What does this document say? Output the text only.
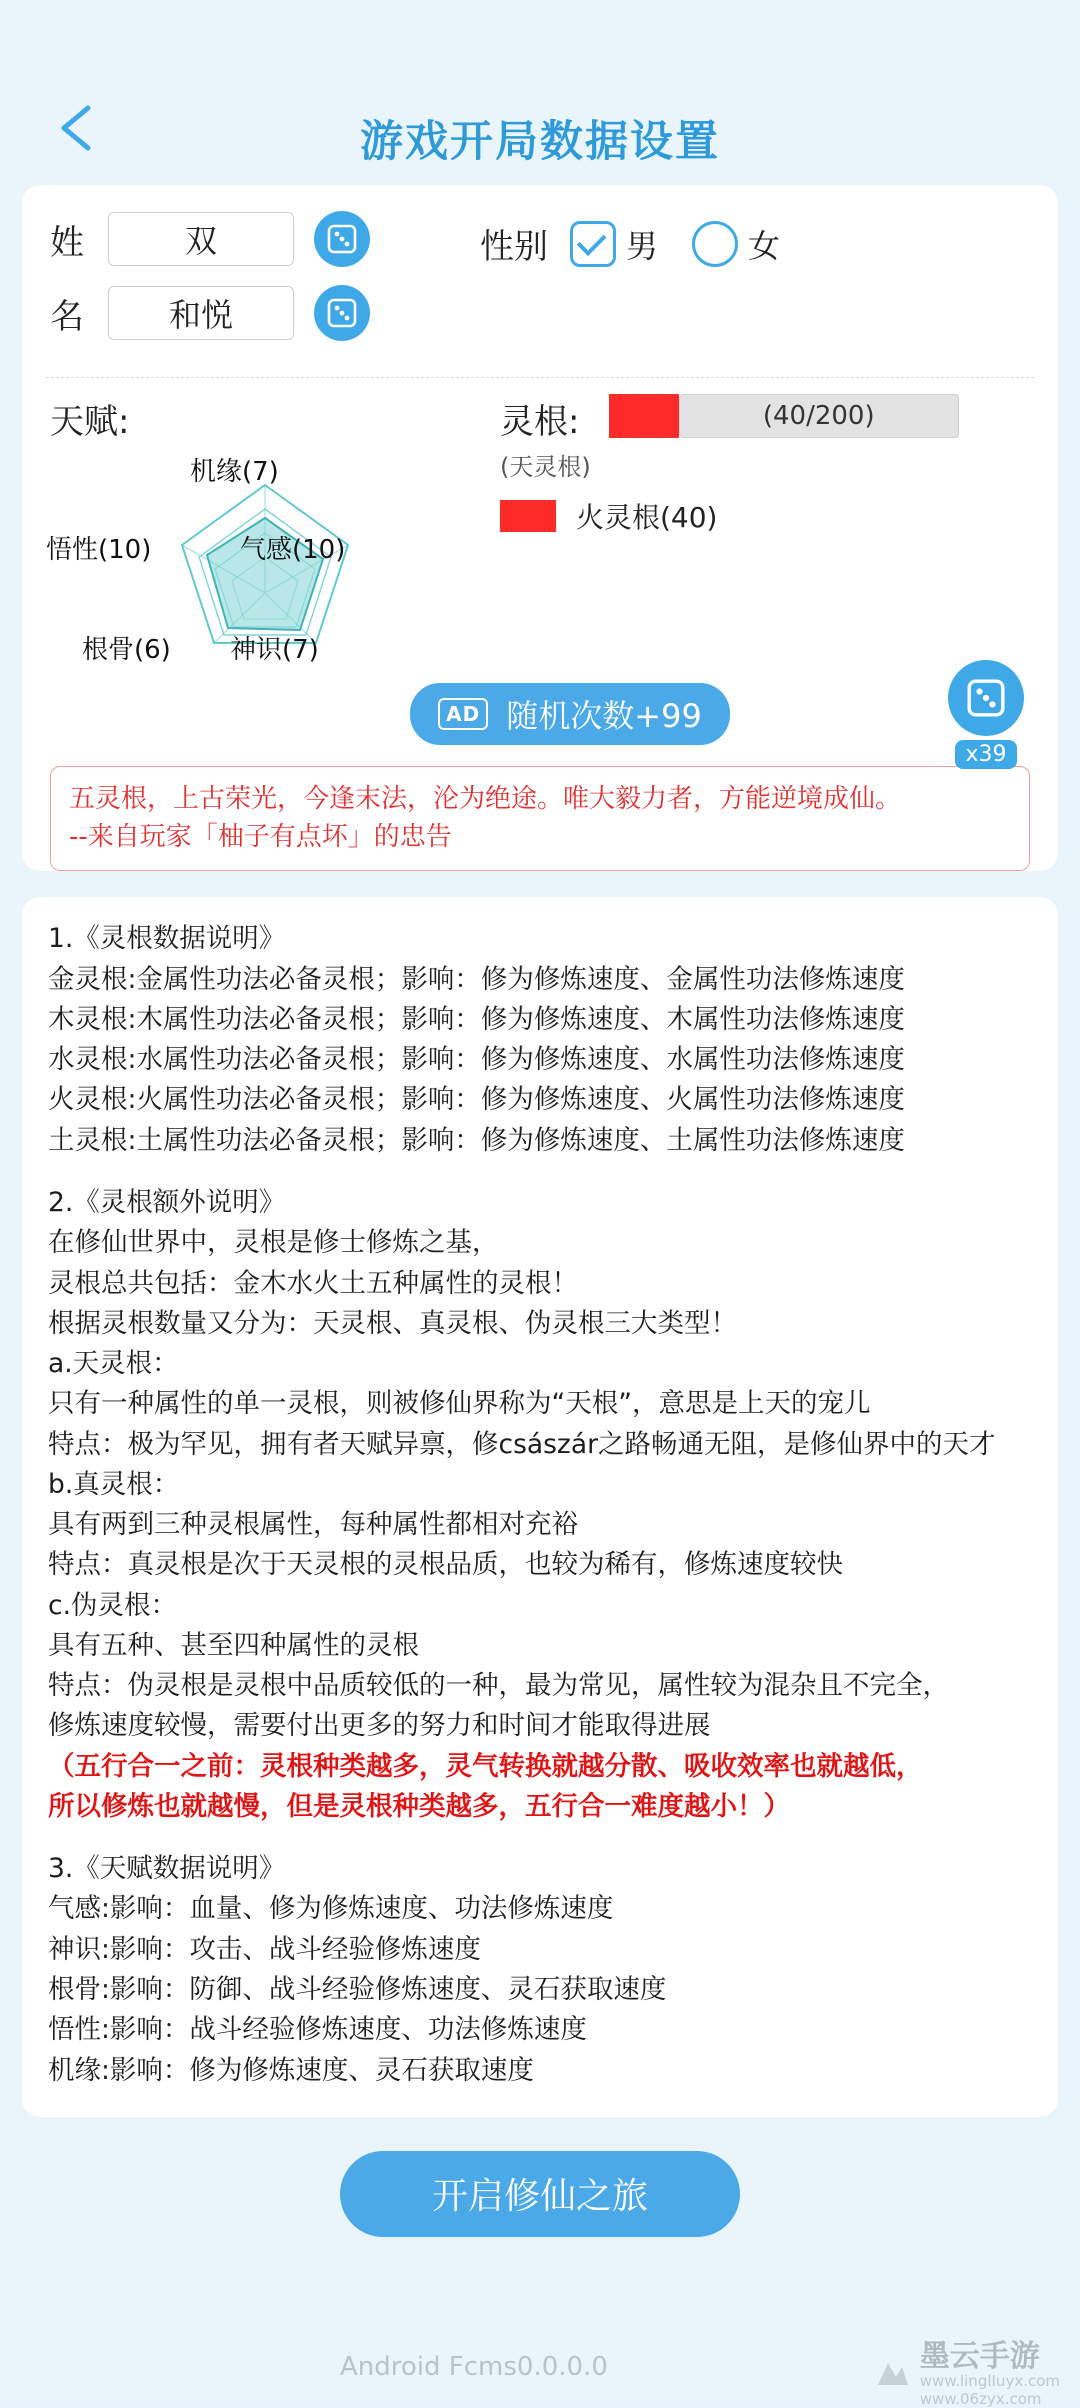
游戏开局数据设置
姓
双
名
和悦
性别 男	女
天赋:
机缘(7)
气感(10)
神识(7)
根骨(6)
悟性(10)
灵根:
(天灵根)
(40/200)
火灵根(40)
AD 随机次数+99
x39
五灵根，上古荣光，今逢末法，沦为绝途。唯大毅力者，方能逆境成仙。
--来自玩家「柚子有点坏」的忠告
1.《灵根数据说明》
金灵根:金属性功法必备灵根；影响：修为修炼速度、金属性功法修炼速度
木灵根:木属性功法必备灵根；影响：修为修炼速度、木属性功法修炼速度
水灵根:水属性功法必备灵根；影响：修为修炼速度、水属性功法修炼速度
火灵根:火属性功法必备灵根；影响：修为修炼速度、火属性功法修炼速度
土灵根:土属性功法必备灵根；影响：修为修炼速度、土属性功法修炼速度
2.《灵根额外说明》
在修仙世界中，灵根是修士修炼之基，
灵根总共包括：金木水火土五种属性的灵根！
根据灵根数量又分为：天灵根、真灵根、伪灵根三大类型！
a.天灵根：
只有一种属性的单一灵根，则被修仙界称为“天根”，意思是上天的宠儿
特点：极为罕见，拥有者天赋异禀，修császár之路畅通无阻，是修仙界中的天才
b.真灵根：
具有两到三种灵根属性，每种属性都相对充裕
特点：真灵根是次于天灵根的灵根品质，也较为稀有，修炼速度较快
c.伪灵根：
具有五种、甚至四种属性的灵根
特点：伪灵根是灵根中品质较低的一种，最为常见，属性较为混杂且不完全，
修炼速度较慢，需要付出更多的努力和时间才能取得进展
（五行合一之前：灵根种类越多，灵气转换就越分散、吸收效率也就越低，
所以修炼也就越慢，但是灵根种类越多，五行合一难度越小！）
3.《天赋数据说明》
气感:影响：血量、修为修炼速度、功法修炼速度
神识:影响：攻击、战斗经验修炼速度
根骨:影响：防御、战斗经验修炼速度、灵石获取速度
悟性:影响：战斗经验修炼速度、功法修炼速度
机缘:影响：修为修炼速度、灵石获取速度
开启修仙之旅
Android Fcms0.0.0.0	墨云手游
www.linglIuyx.com
www.06zyx.com
